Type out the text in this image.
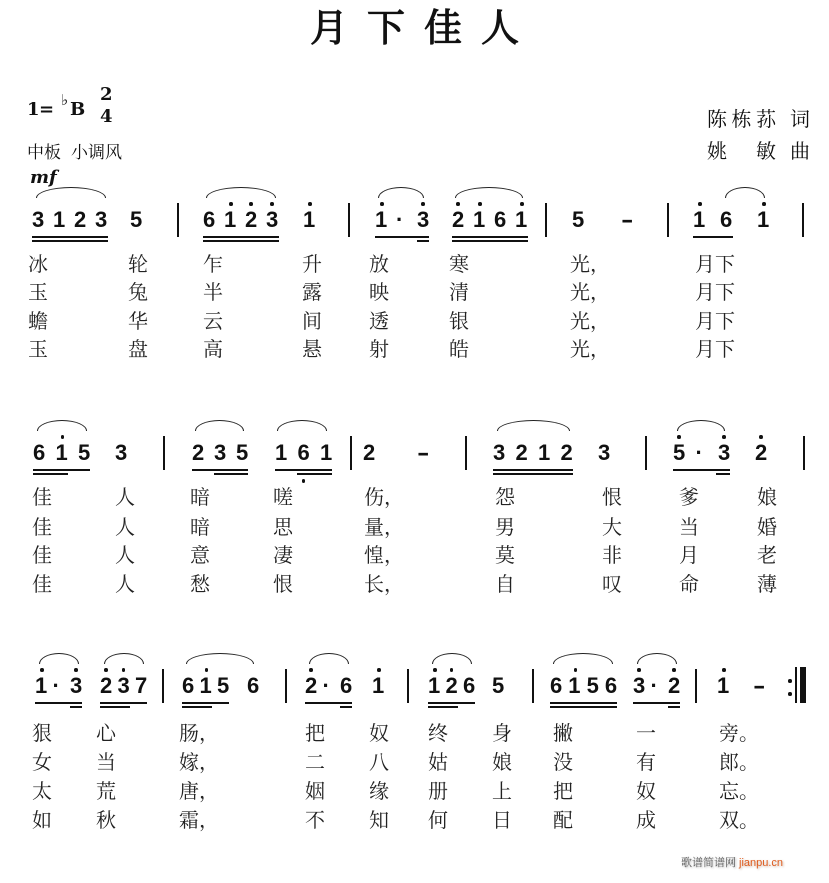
月下佳人
1 = ♭ B
2
4
中板 小调风
陈栋荪 词
姚　敏 曲
mf
3 1 2 3	5	6 1 2 3	1	1 · 3	2 1 6 1	5	-	1 6	1
冰	轮	乍	升 放	寒	光，	月下
玉	兔	半	露 映	清	光，	月下
蟾	华	云	间 透	银	光，	月下
玉	盘	高	悬 射	皓	光，	月下
6 1 5	3	2 3 5	1 6 1	2	-	3 2 1 2	3	5 · 3	2
佳	人	暗	嗟	伤，	怨	恨	爹	娘
佳	人	暗	思	量，	男	大	当	婚
佳	人	意	凄	惶，	莫	非	月	老
佳	人	愁	恨	长，	自	叹	命	薄
1 · 3 2 3 7 6 1 5 6 2 · 6 1	1 2 6 5	6 1 5 6 3 · 2 1	-
狠 心	肠，	把 奴 终 身 撇	一	旁。
女 当	嫁，	二 八 姑 娘 没	有	郎。
太 荒	唐，	姻 缘 册 上 把	奴	忘。
如 秋	霜，	不 知 何 日 配	成	双。
歌谱简谱网 jianpu.cn
